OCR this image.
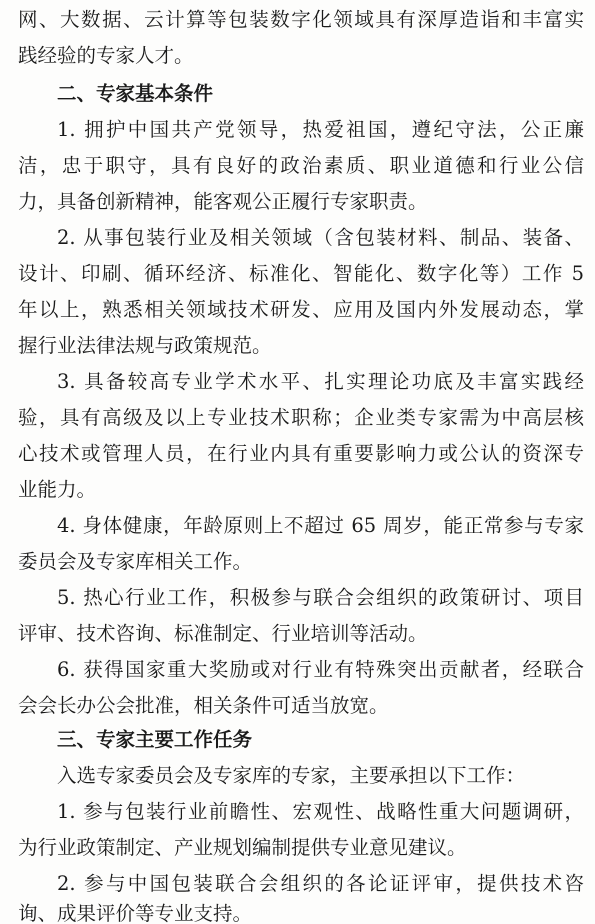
网、大数据、云计算等包装数字化领域具有深厚造诣和丰富实
践经验的专家人才。
二、专家基本条件
1. 拥护中国共产党领导，热爱祖国，遵纪守法，公正廉
洁，忠于职守，具有良好的政治素质、职业道德和行业公信
力，具备创新精神，能客观公正履行专家职责。
2. 从事包装行业及相关领域（含包装材料、制品、装备、
设计、印刷、循环经济、标准化、智能化、数字化等）工作 5
年以上，熟悉相关领域技术研发、应用及国内外发展动态，掌
握行业法律法规与政策规范。
3. 具备较高专业学术水平、扎实理论功底及丰富实践经
验，具有高级及以上专业技术职称；企业类专家需为中高层核
心技术或管理人员，在行业内具有重要影响力或公认的资深专
业能力。
4. 身体健康，年龄原则上不超过 65 周岁，能正常参与专家
委员会及专家库相关工作。
5. 热心行业工作，积极参与联合会组织的政策研讨、项目
评审、技术咨询、标准制定、行业培训等活动。
6. 获得国家重大奖励或对行业有特殊突出贡献者，经联合
会会长办公会批准，相关条件可适当放宽。
三、专家主要工作任务
入选专家委员会及专家库的专家，主要承担以下工作：
1. 参与包装行业前瞻性、宏观性、战略性重大问题调研，
为行业政策制定、产业规划编制提供专业意见建议。
2. 参与中国包装联合会组织的各论证评审，提供技术咨
询、成果评价等专业支持。
